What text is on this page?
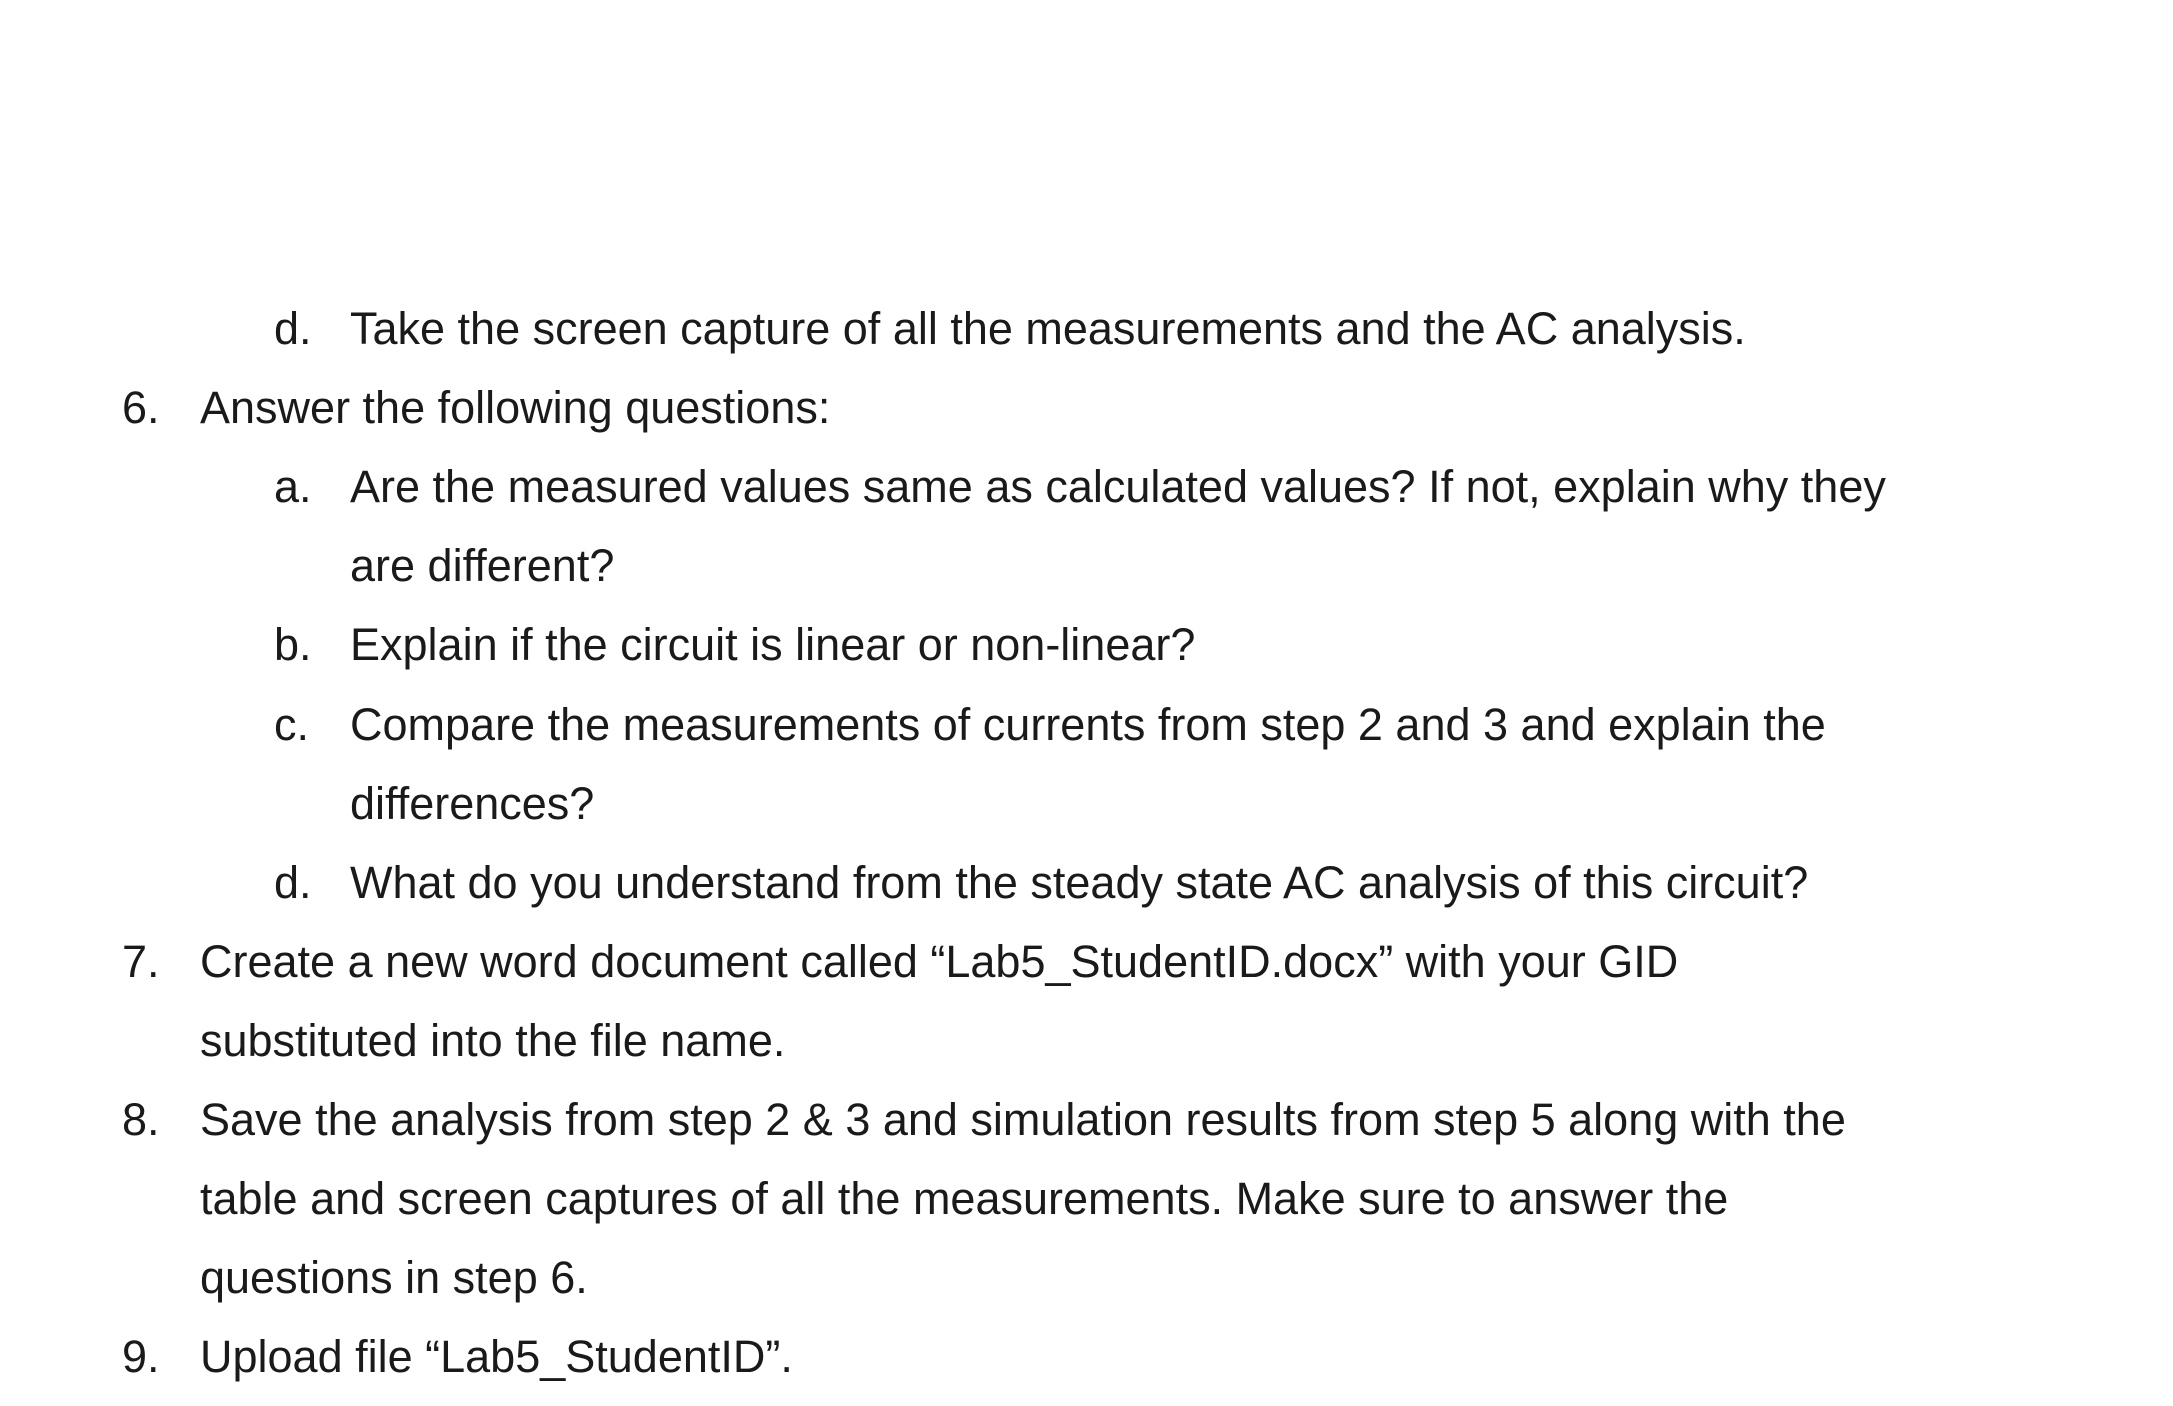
d. Take the screen capture of all the measurements and the AC analysis.
6. Answer the following questions:
a. Are the measured values same as calculated values? If not, explain why they
are different?
b. Explain if the circuit is linear or non-linear?
c. Compare the measurements of currents from step 2 and 3 and explain the
differences?
d. What do you understand from the steady state AC analysis of this circuit?
7. Create a new word document called “Lab5_StudentID.docx” with your GID
substituted into the file name.
8. Save the analysis from step 2 & 3 and simulation results from step 5 along with the
table and screen captures of all the measurements. Make sure to answer the
questions in step 6.
9. Upload file “Lab5_StudentID”.
